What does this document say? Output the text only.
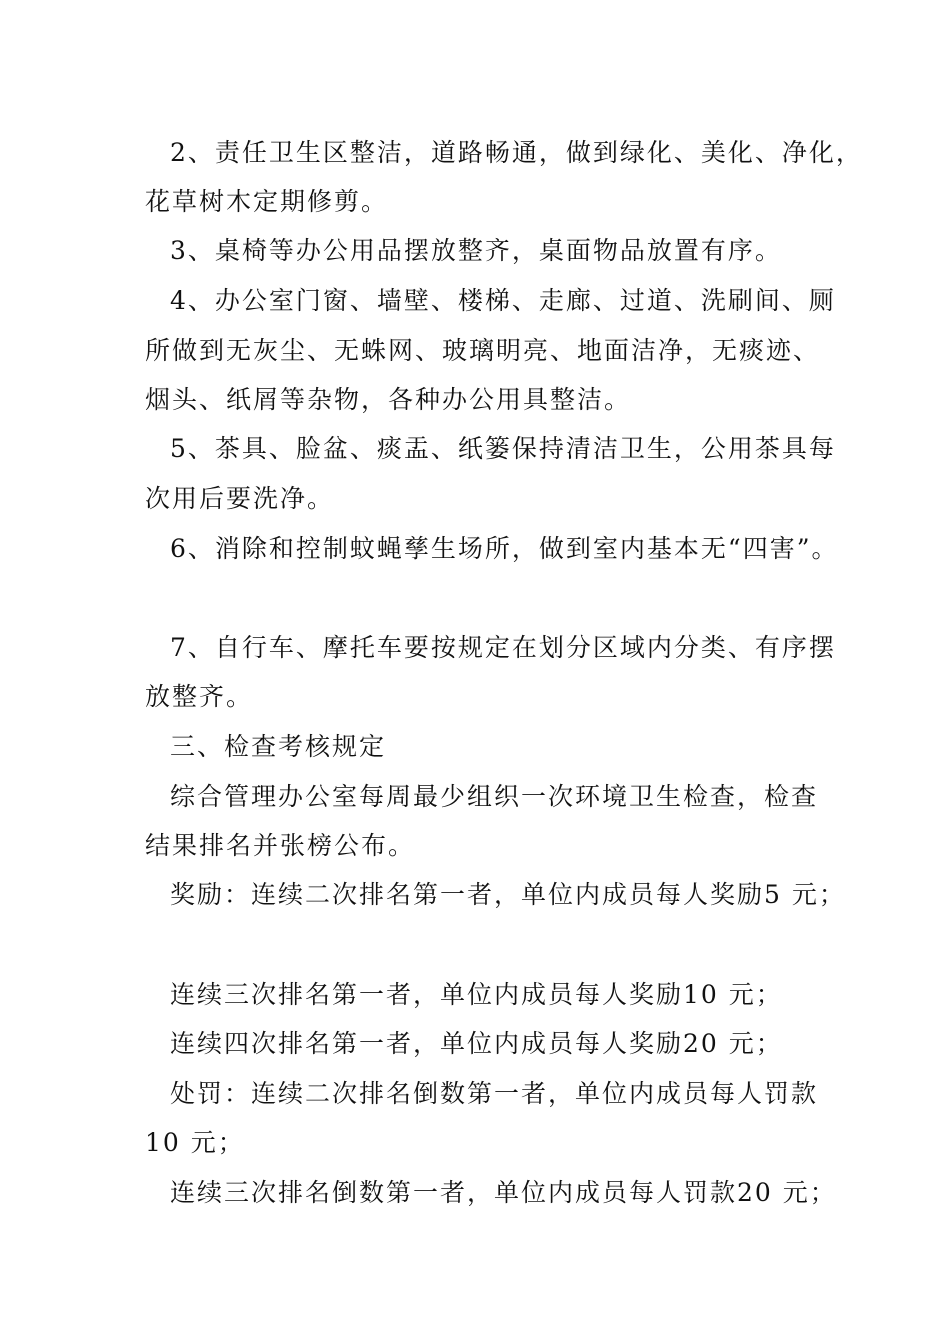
2、责任卫生区整洁，道路畅通，做到绿化、美化、净化，
花草树木定期修剪。
3、桌椅等办公用品摆放整齐，桌面物品放置有序。
4、办公室门窗、墙壁、楼梯、走廊、过道、洗刷间、厕
所做到无灰尘、无蛛网、玻璃明亮、地面洁净，无痰迹、
烟头、纸屑等杂物，各种办公用具整洁。
5、茶具、脸盆、痰盂、纸篓保持清洁卫生，公用茶具每
次用后要洗净。
6、消除和控制蚊蝇孳生场所，做到室内基本无“四害”。
7、自行车、摩托车要按规定在划分区域内分类、有序摆
放整齐。
三、检查考核规定
综合管理办公室每周最少组织一次环境卫生检查，检查
结果排名并张榜公布。
奖励：连续二次排名第一者，单位内成员每人奖励5 元；
连续三次排名第一者，单位内成员每人奖励10 元；
连续四次排名第一者，单位内成员每人奖励20 元；
处罚：连续二次排名倒数第一者，单位内成员每人罚款
10 元；
连续三次排名倒数第一者，单位内成员每人罚款20 元；
